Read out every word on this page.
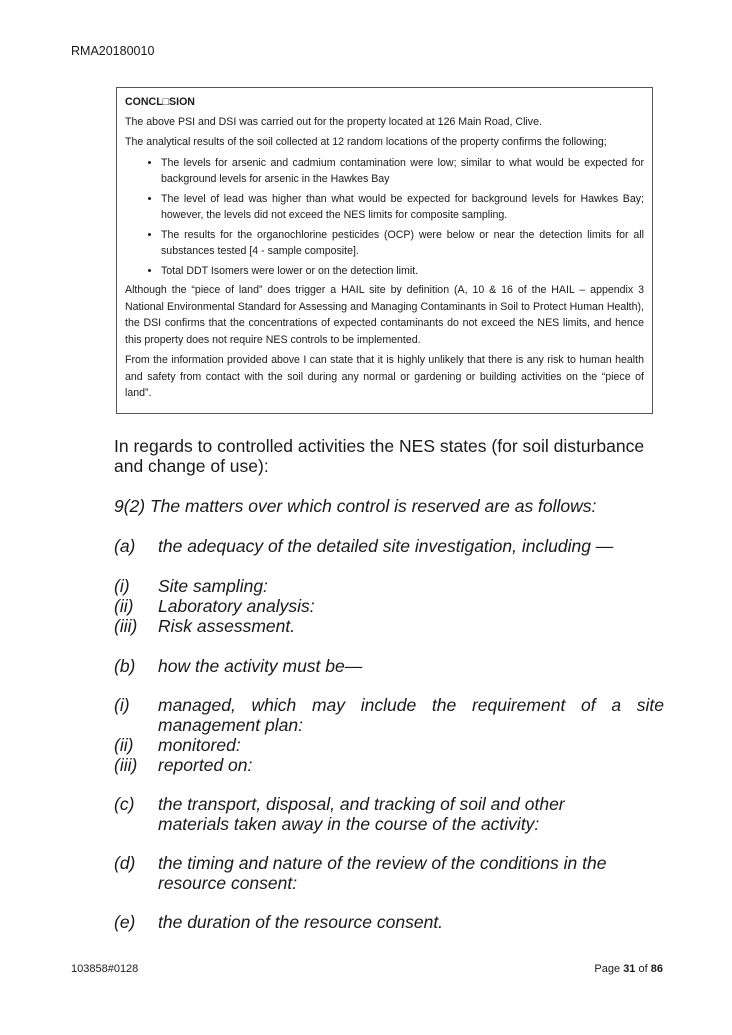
RMA20180010
CONCL□SION

The above PSI and DSI was carried out for the property located at 126 Main Road, Clive.

The analytical results of the soil collected at 12 random locations of the property confirms the following;

• The levels for arsenic and cadmium contamination were low; similar to what would be expected for background levels for arsenic in the Hawkes Bay
• The level of lead was higher than what would be expected for background levels for Hawkes Bay; however, the levels did not exceed the NES limits for composite sampling.
• The results for the organochlorine pesticides (OCP) were below or near the detection limits for all substances tested [4 - sample composite].
• Total DDT Isomers were lower or on the detection limit.

Although the “piece of land” does trigger a HAIL site by definition (A, 10 & 16 of the HAIL – appendix 3 National Environmental Standard for Assessing and Managing Contaminants in Soil to Protect Human Health), the DSI confirms that the concentrations of expected contaminants do not exceed the NES limits, and hence this property does not require NES controls to be implemented.

From the information provided above I can state that it is highly unlikely that there is any risk to human health and safety from contact with the soil during any normal or gardening or building activities on the “piece of land”.

In regards to controlled activities the NES states (for soil disturbance and change of use):
9(2) The matters over which control is reserved are as follows:
(a) the adequacy of the detailed site investigation, including —
(i) Site sampling:
(ii) Laboratory analysis:
(iii) Risk assessment.
(b) how the activity must be—
(i) managed, which may include the requirement of a site management plan:
(ii) monitored:
(iii) reported on:
(c) the transport, disposal, and tracking of soil and other materials taken away in the course of the activity:
(d) the timing and nature of the review of the conditions in the resource consent:
(e) the duration of the resource consent.
103858#0128	Page 31 of 86
